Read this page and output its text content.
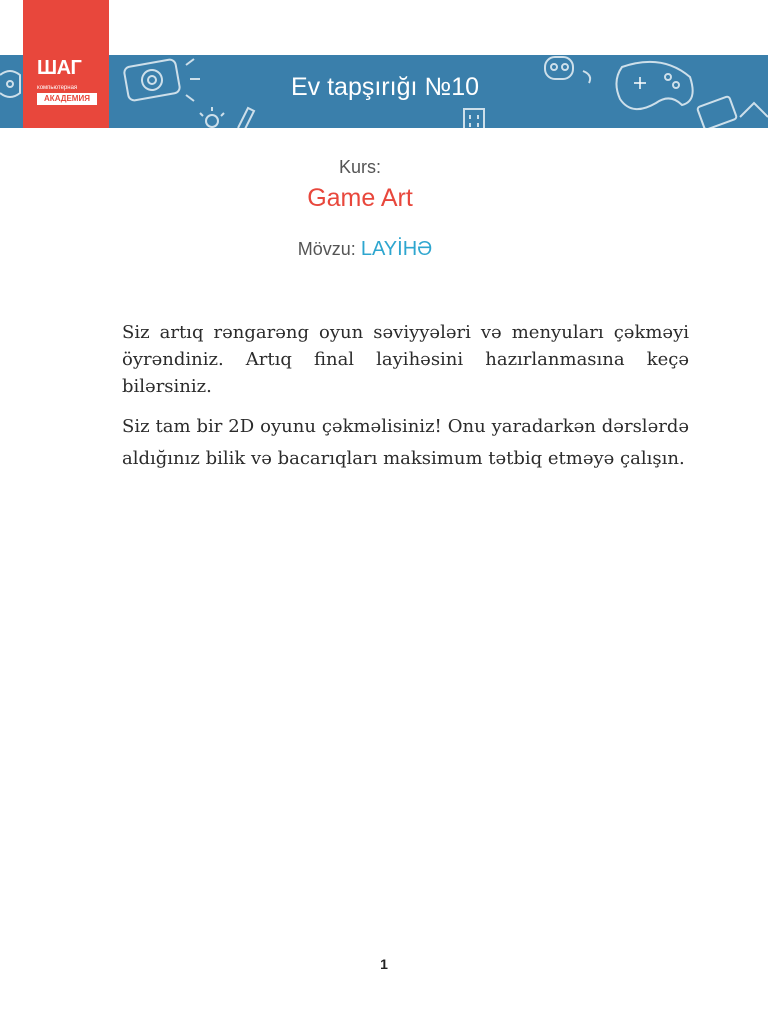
Ev tapşırığı №10
ШАГ
компьютерная
АКАДЕМИЯ
Kurs:
Game Art
Mövzu: LAYİHƏ

Siz artıq rəngarəng oyun səviyyələri və menyuları çəkməyi öyrəndiniz. Artıq final layihəsini hazırlanmasına keçə bilərsiniz.

Siz tam bir 2D oyunu çəkməlisiniz! Onu yaradarkən dərslərdə aldığınız bilik və bacarıqları maksimum tətbiq etməyə çalışın.

1
